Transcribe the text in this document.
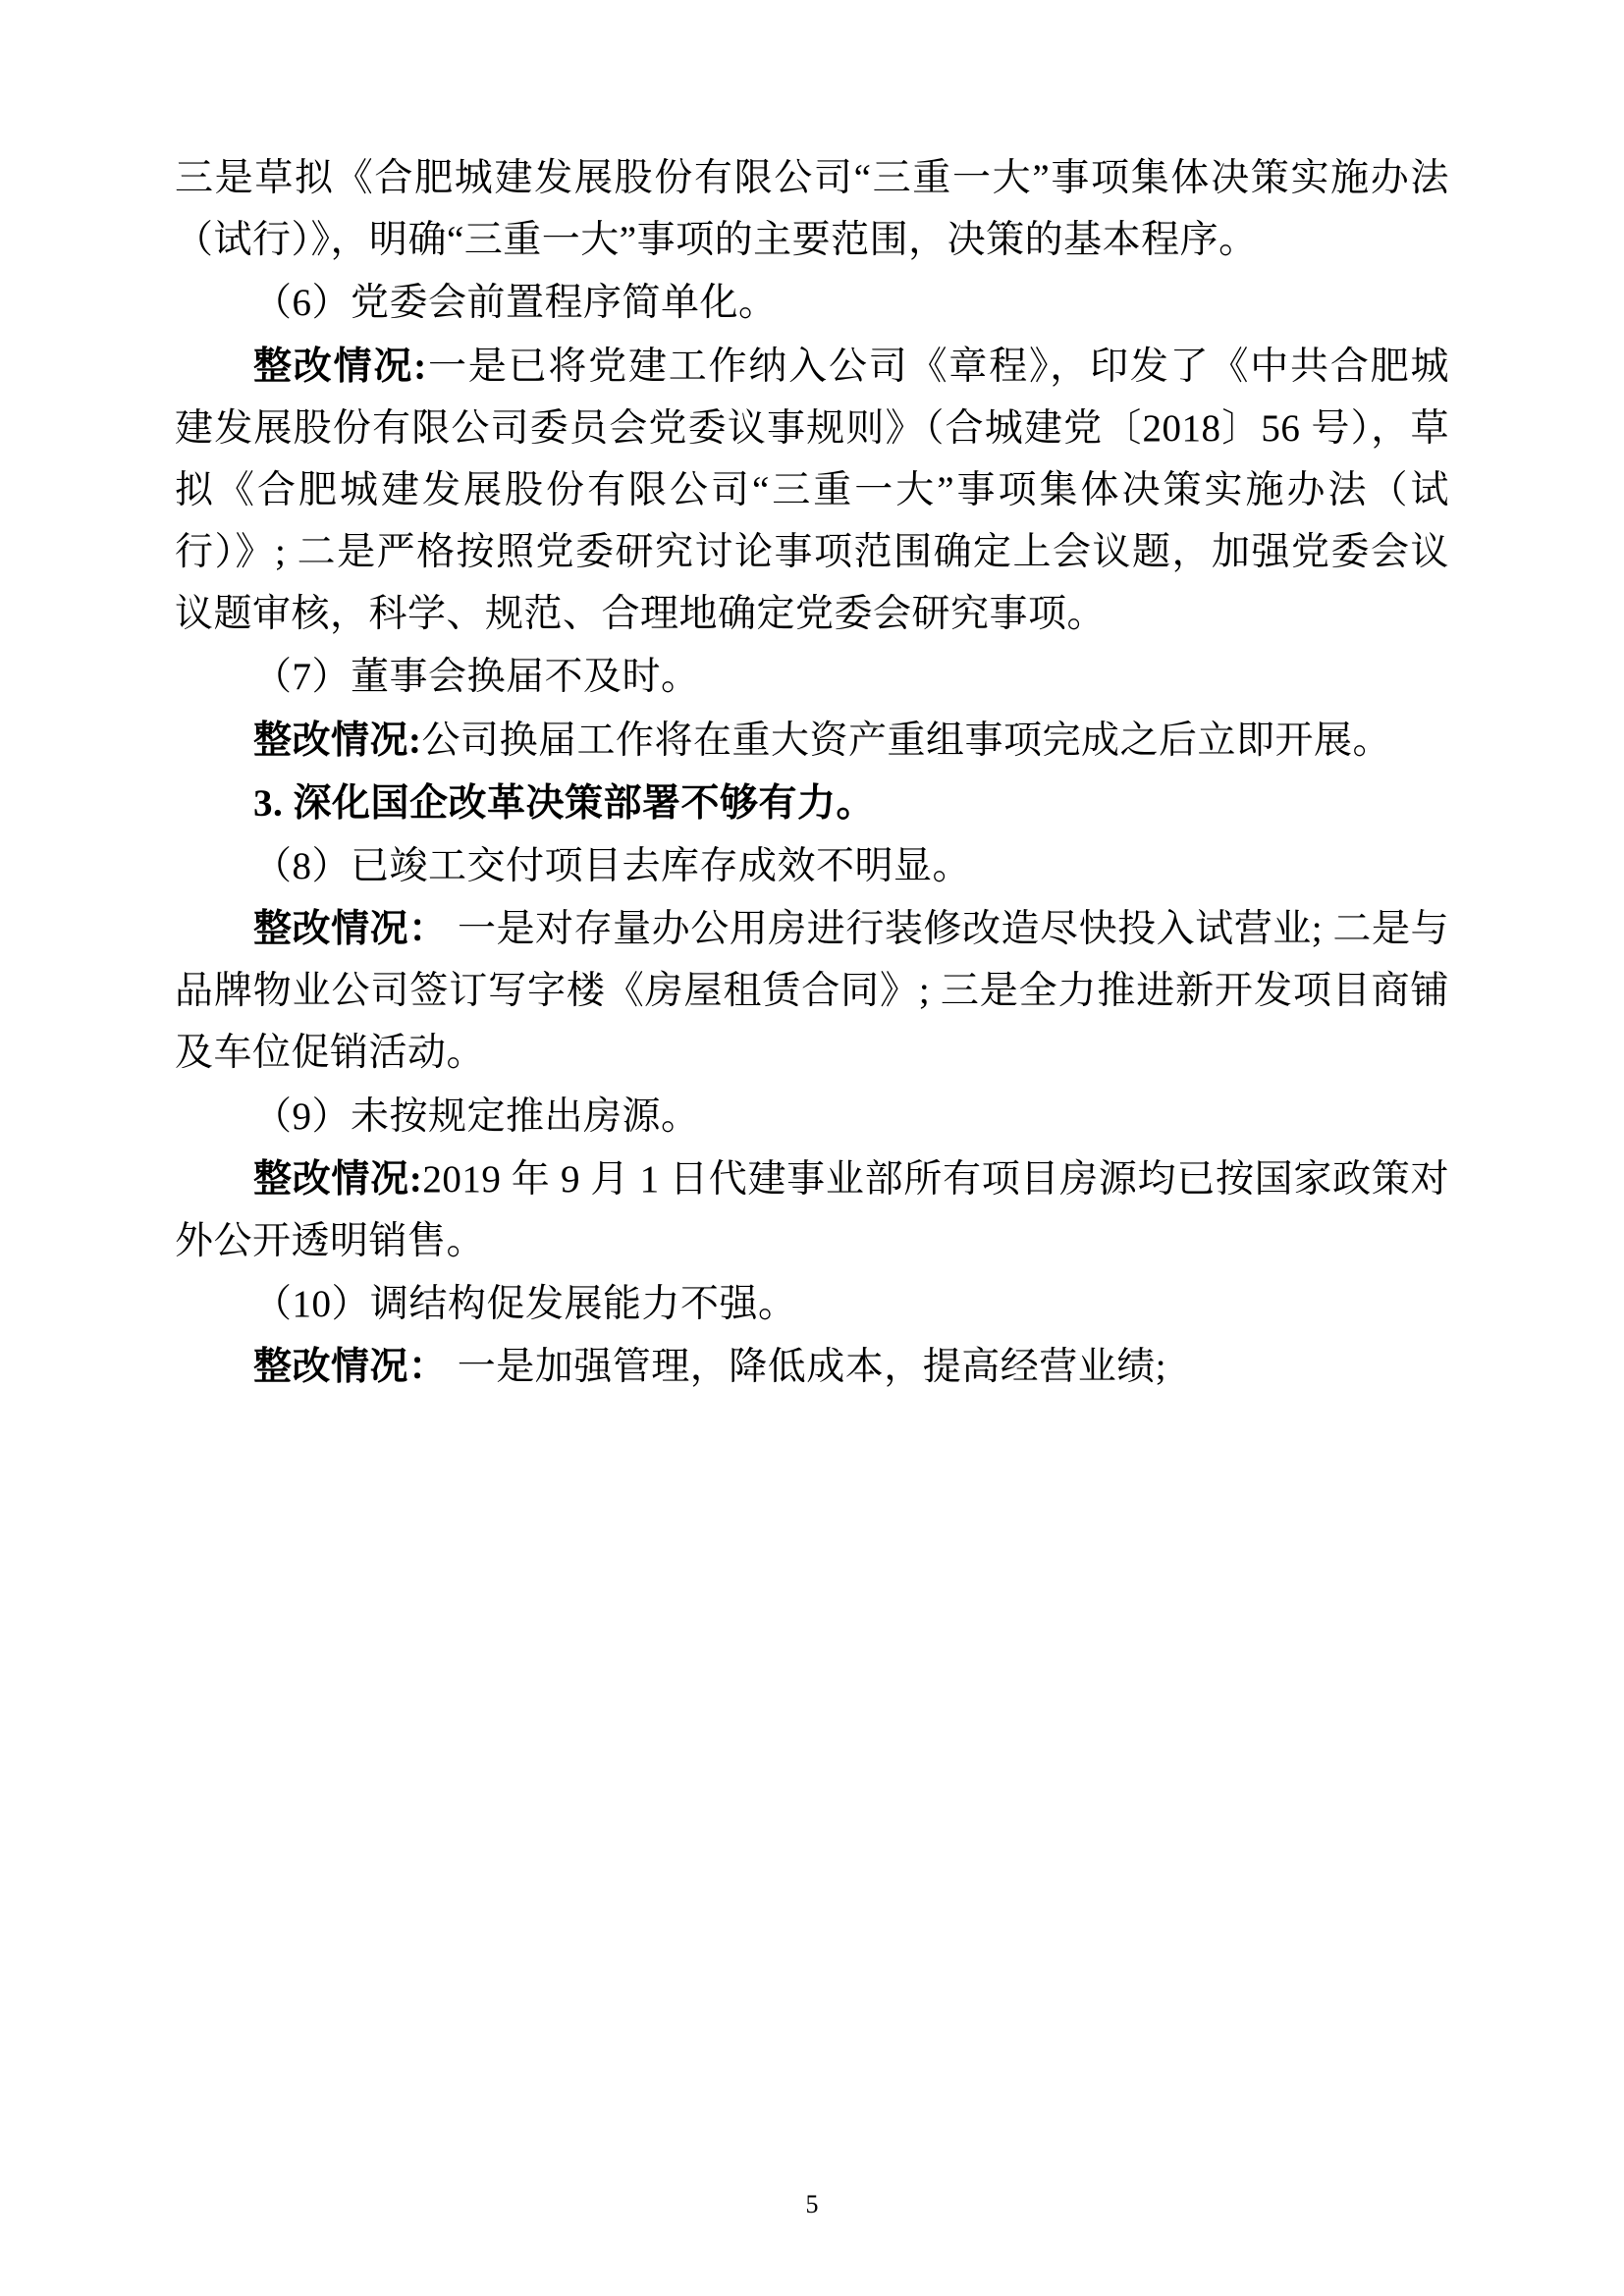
三是草拟《合肥城建发展股份有限公司“三重一大”事项集体决策实施办法（试行）》，明确“三重一大”事项的主要范围，决策的基本程序。

（6）党委会前置程序简单化。

整改情况:一是已将党建工作纳入公司《章程》，印发了《中共合肥城建发展股份有限公司委员会党委议事规则》（合城建党〔2018〕56 号），草拟《合肥城建发展股份有限公司“三重一大”事项集体决策实施办法（试行）》; 二是严格按照党委研究讨论事项范围确定上会议题，加强党委会议议题审核，科学、规范、合理地确定党委会研究事项。

（7）董事会换届不及时。

整改情况:公司换届工作将在重大资产重组事项完成之后立即开展。

3. 深化国企改革决策部署不够有力。

（8）已竣工交付项目去库存成效不明显。

整改情况： 一是对存量办公用房进行装修改造尽快投入试营业; 二是与品牌物业公司签订写字楼《房屋租赁合同》; 三是全力推进新开发项目商铺及车位促销活动。

（9）未按规定推出房源。

整改情况:2019 年 9 月 1 日代建事业部所有项目房源均已按国家政策对外公开透明销售。

（10）调结构促发展能力不强。

整改情况： 一是加强管理，降低成本，提高经营业绩;

5
